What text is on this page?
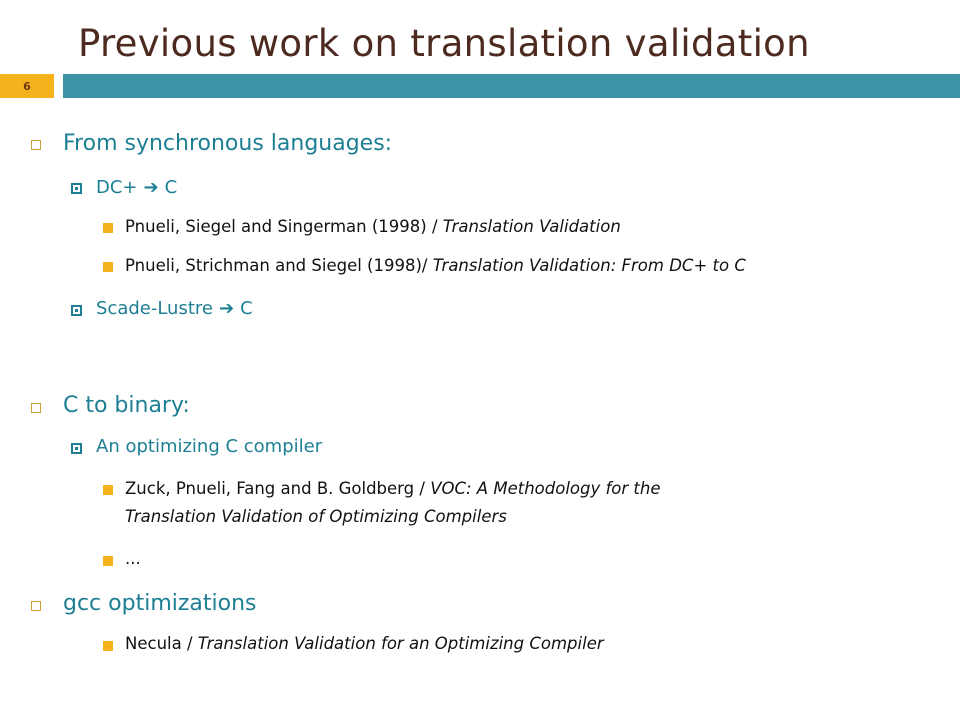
Previous work on translation validation
6
From synchronous languages:
DC+ ➔ C
Pnueli, Siegel and Singerman (1998) / Translation Validation
Pnueli, Strichman and Siegel (1998)/ Translation Validation: From DC+ to C
Scade-Lustre ➔ C
C to binary:
An optimizing C compiler
Zuck, Pnueli, Fang and B. Goldberg / VOC: A Methodology for the
Translation Validation of Optimizing Compilers
...
gcc optimizations
Necula / Translation Validation for an Optimizing Compiler
